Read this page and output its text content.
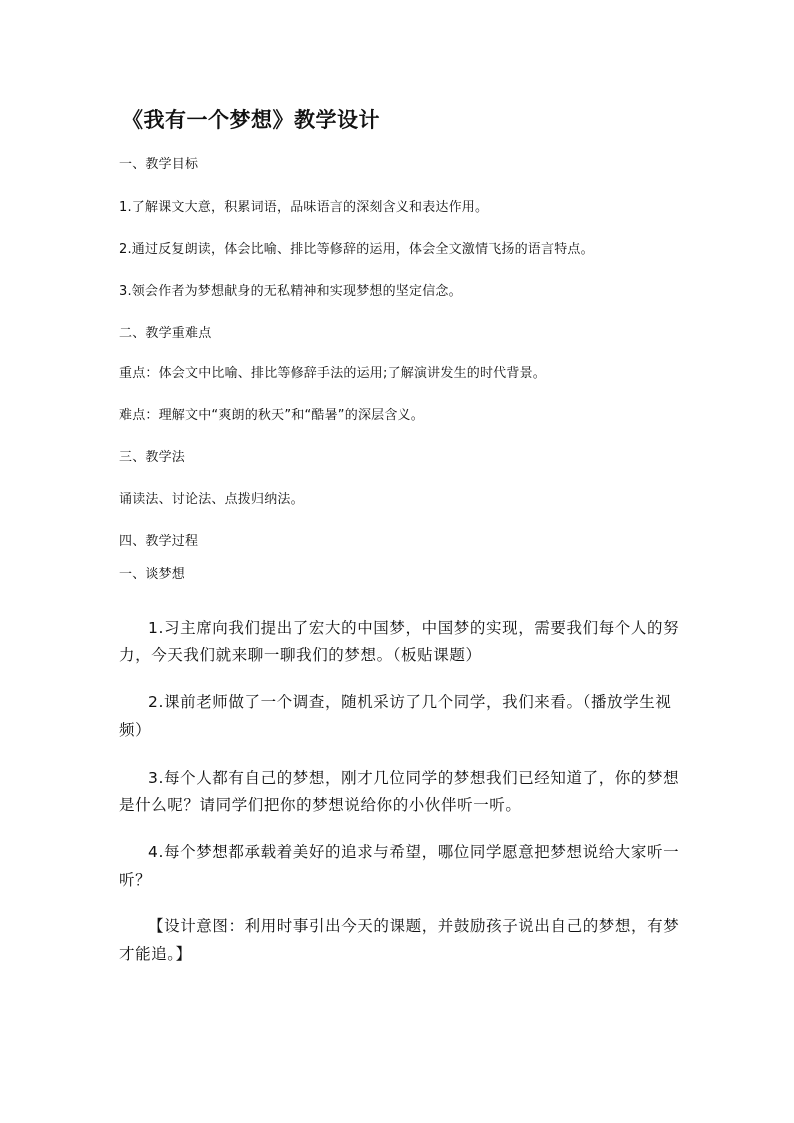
《我有一个梦想》教学设计

一、教学目标

1.了解课文大意，积累词语，品味语言的深刻含义和表达作用。

2.通过反复朗读，体会比喻、排比等修辞的运用，体会全文激情飞扬的语言特点。

3.领会作者为梦想献身的无私精神和实现梦想的坚定信念。

二、教学重难点

重点：体会文中比喻、排比等修辞手法的运用;了解演讲发生的时代背景。

难点：理解文中“爽朗的秋天”和“酷暑”的深层含义。

三、教学法

诵读法、讨论法、点拨归纳法。

四、教学过程

一、谈梦想

1.习主席向我们提出了宏大的中国梦，中国梦的实现，需要我们每个人的努

力，今天我们就来聊一聊我们的梦想。（板贴课题）

2.课前老师做了一个调查，随机采访了几个同学，我们来看。（播放学生视

频）

3.每个人都有自己的梦想，刚才几位同学的梦想我们已经知道了，你的梦想

是什么呢？请同学们把你的梦想说给你的小伙伴听一听。

4.每个梦想都承载着美好的追求与希望，哪位同学愿意把梦想说给大家听一

听？

【设计意图：利用时事引出今天的课题，并鼓励孩子说出自己的梦想，有梦

才能追。】
